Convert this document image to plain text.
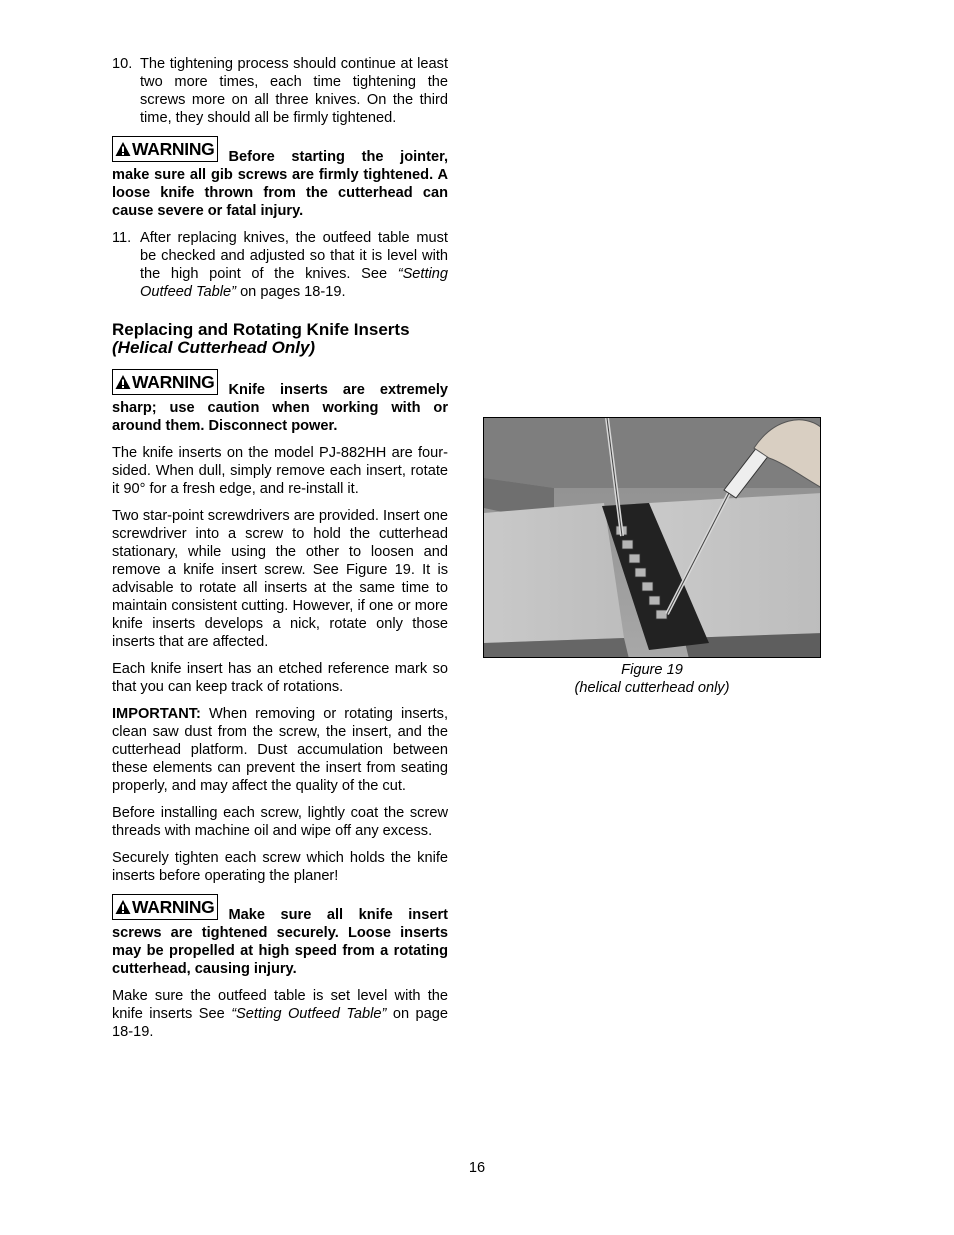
10. The tightening process should continue at least two more times, each time tightening the screws more on all three knives. On the third time, they should all be firmly tightened.
WARNING Before starting the jointer, make sure all gib screws are firmly tightened. A loose knife thrown from the cutterhead can cause severe or fatal injury.
11. After replacing knives, the outfeed table must be checked and adjusted so that it is level with the high point of the knives. See “Setting Outfeed Table” on pages 18-19.
Replacing and Rotating Knife Inserts
(Helical Cutterhead Only)
WARNING Knife inserts are extremely sharp; use caution when working with or around them. Disconnect power.

The knife inserts on the model PJ-882HH are four-sided. When dull, simply remove each insert, rotate it 90° for a fresh edge, and re-install it.

Two star-point screwdrivers are provided. Insert one screwdriver into a screw to hold the cutterhead stationary, while using the other to loosen and remove a knife insert screw. See Figure 19. It is advisable to rotate all inserts at the same time to maintain consistent cutting. However, if one or more knife inserts develops a nick, rotate only those inserts that are affected.

Each knife insert has an etched reference mark so that you can keep track of rotations.

IMPORTANT: When removing or rotating inserts, clean saw dust from the screw, the insert, and the cutterhead platform. Dust accumulation between these elements can prevent the insert from seating properly, and may affect the quality of the cut.

Before installing each screw, lightly coat the screw threads with machine oil and wipe off any excess.

Securely tighten each screw which holds the knife inserts before operating the planer!

WARNING Make sure all knife insert screws are tightened securely. Loose inserts may be propelled at high speed from a rotating cutterhead, causing injury.

Make sure the outfeed table is set level with the knife inserts See “Setting Outfeed Table” on page 18-19.

Figure 19
(helical cutterhead only)
16
